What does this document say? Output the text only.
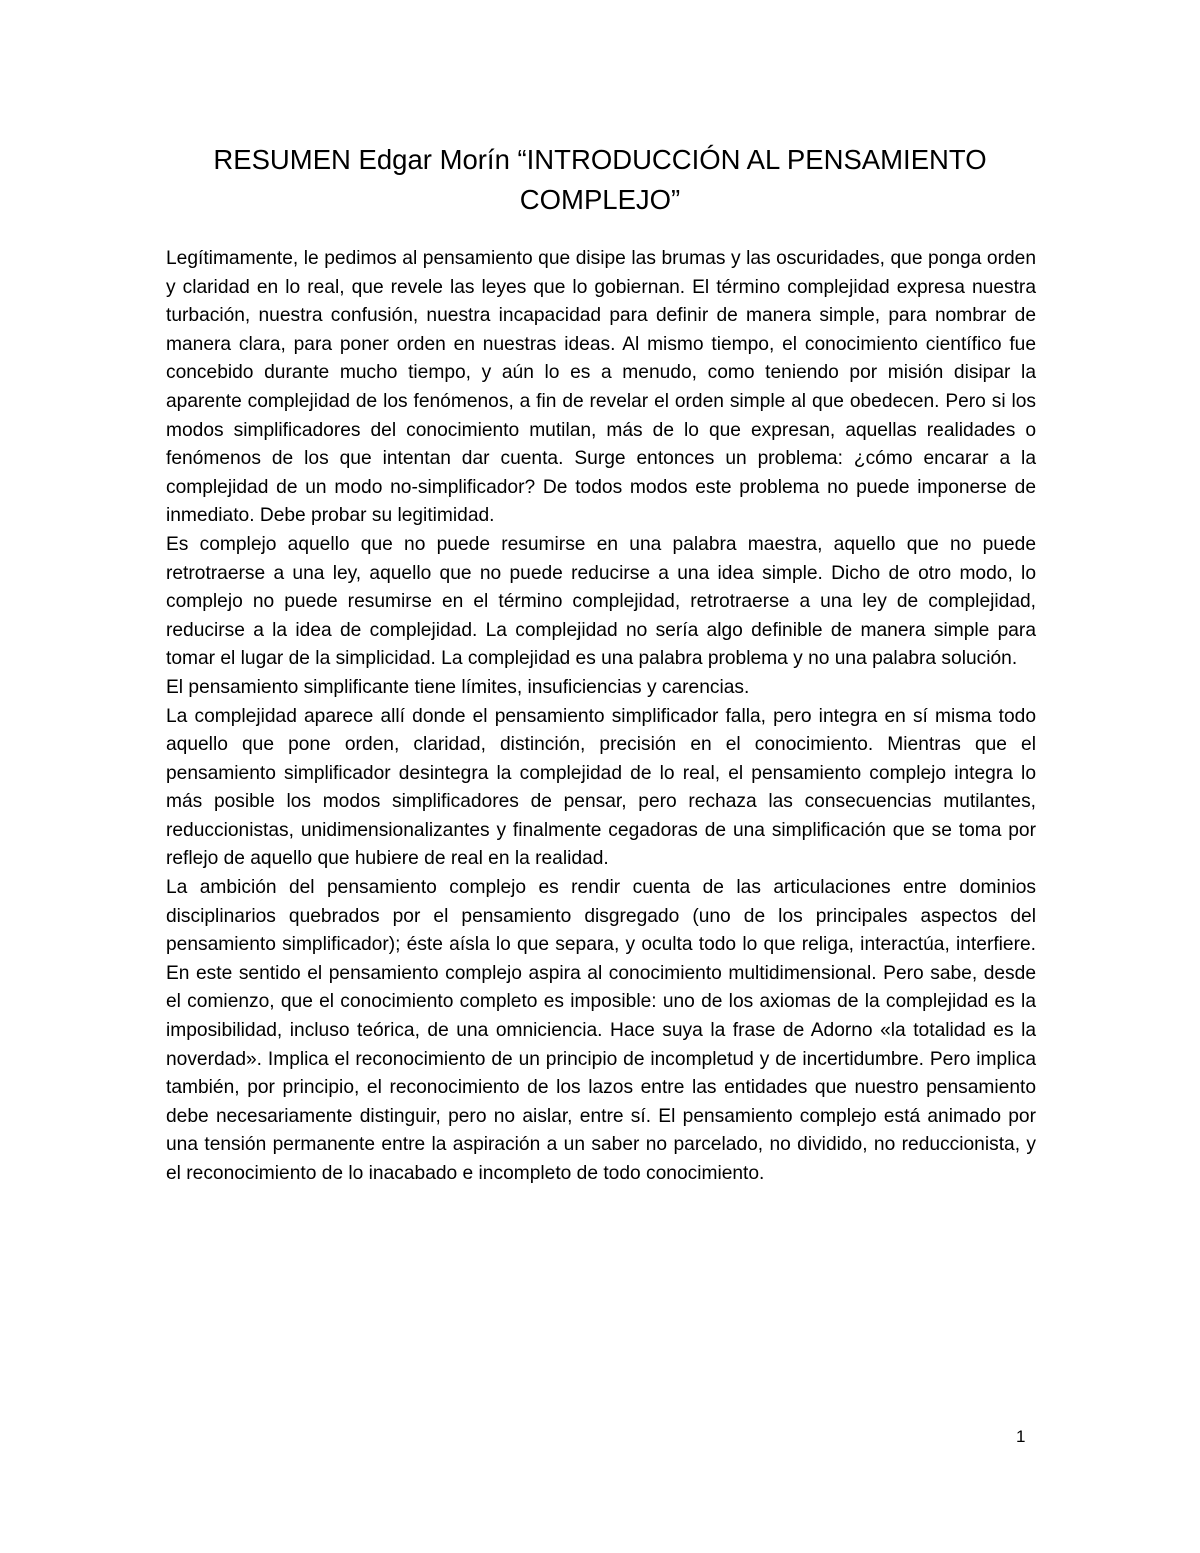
RESUMEN Edgar Morín “INTRODUCCIÓN AL PENSAMIENTO
COMPLEJO”

Legítimamente, le pedimos al pensamiento que disipe las brumas y las oscuridades, que ponga orden y claridad en lo real, que revele las leyes que lo gobiernan. El término complejidad expresa nuestra turbación, nuestra confusión, nuestra incapacidad para definir de manera simple, para nombrar de manera clara, para poner orden en nuestras ideas. Al mismo tiempo, el conocimiento científico fue concebido durante mucho tiempo, y aún lo es a menudo, como teniendo por misión disipar la aparente complejidad de los fenómenos, a fin de revelar el orden simple al que obedecen. Pero si los modos simplificadores del conocimiento mutilan, más de lo que expresan, aquellas realidades o fenómenos de los que intentan dar cuenta. Surge entonces un problema: ¿cómo encarar a la complejidad de un modo no-simplificador? De todos modos este problema no puede imponerse de inmediato. Debe probar su legitimidad.

Es complejo aquello que no puede resumirse en una palabra maestra, aquello que no puede retrotraerse a una ley, aquello que no puede reducirse a una idea simple. Dicho de otro modo, lo complejo no puede resumirse en el término complejidad, retrotraerse a una ley de complejidad, reducirse a la idea de complejidad. La complejidad no sería algo definible de manera simple para tomar el lugar de la simplicidad. La complejidad es una palabra problema y no una palabra solución.

El pensamiento simplificante tiene límites, insuficiencias y carencias.

La complejidad aparece allí donde el pensamiento simplificador falla, pero integra en sí misma todo aquello que pone orden, claridad, distinción, precisión en el conocimiento. Mientras que el pensamiento simplificador desintegra la complejidad de lo real, el pensamiento complejo integra lo más posible los modos simplificadores de pensar, pero rechaza las consecuencias mutilantes, reduccionistas, unidimensionalizantes y finalmente cegadoras de una simplificación que se toma por reflejo de aquello que hubiere de real en la realidad.

La ambición del pensamiento complejo es rendir cuenta de las articulaciones entre dominios disciplinarios quebrados por el pensamiento disgregado (uno de los principales aspectos del pensamiento simplificador); éste aísla lo que separa, y oculta todo lo que religa, interactúa, interfiere. En este sentido el pensamiento complejo aspira al conocimiento multidimensional. Pero sabe, desde el comienzo, que el conocimiento completo es imposible: uno de los axiomas de la complejidad es la imposibilidad, incluso teórica, de una omniciencia. Hace suya la frase de Adorno «la totalidad es la noverdad». Implica el reconocimiento de un principio de incompletud y de incertidumbre. Pero implica también, por principio, el reconocimiento de los lazos entre las entidades que nuestro pensamiento debe necesariamente distinguir, pero no aislar, entre sí. El pensamiento complejo está animado por una tensión permanente entre la aspiración a un saber no parcelado, no dividido, no reduccionista, y el reconocimiento de lo inacabado e incompleto de todo conocimiento.

1
